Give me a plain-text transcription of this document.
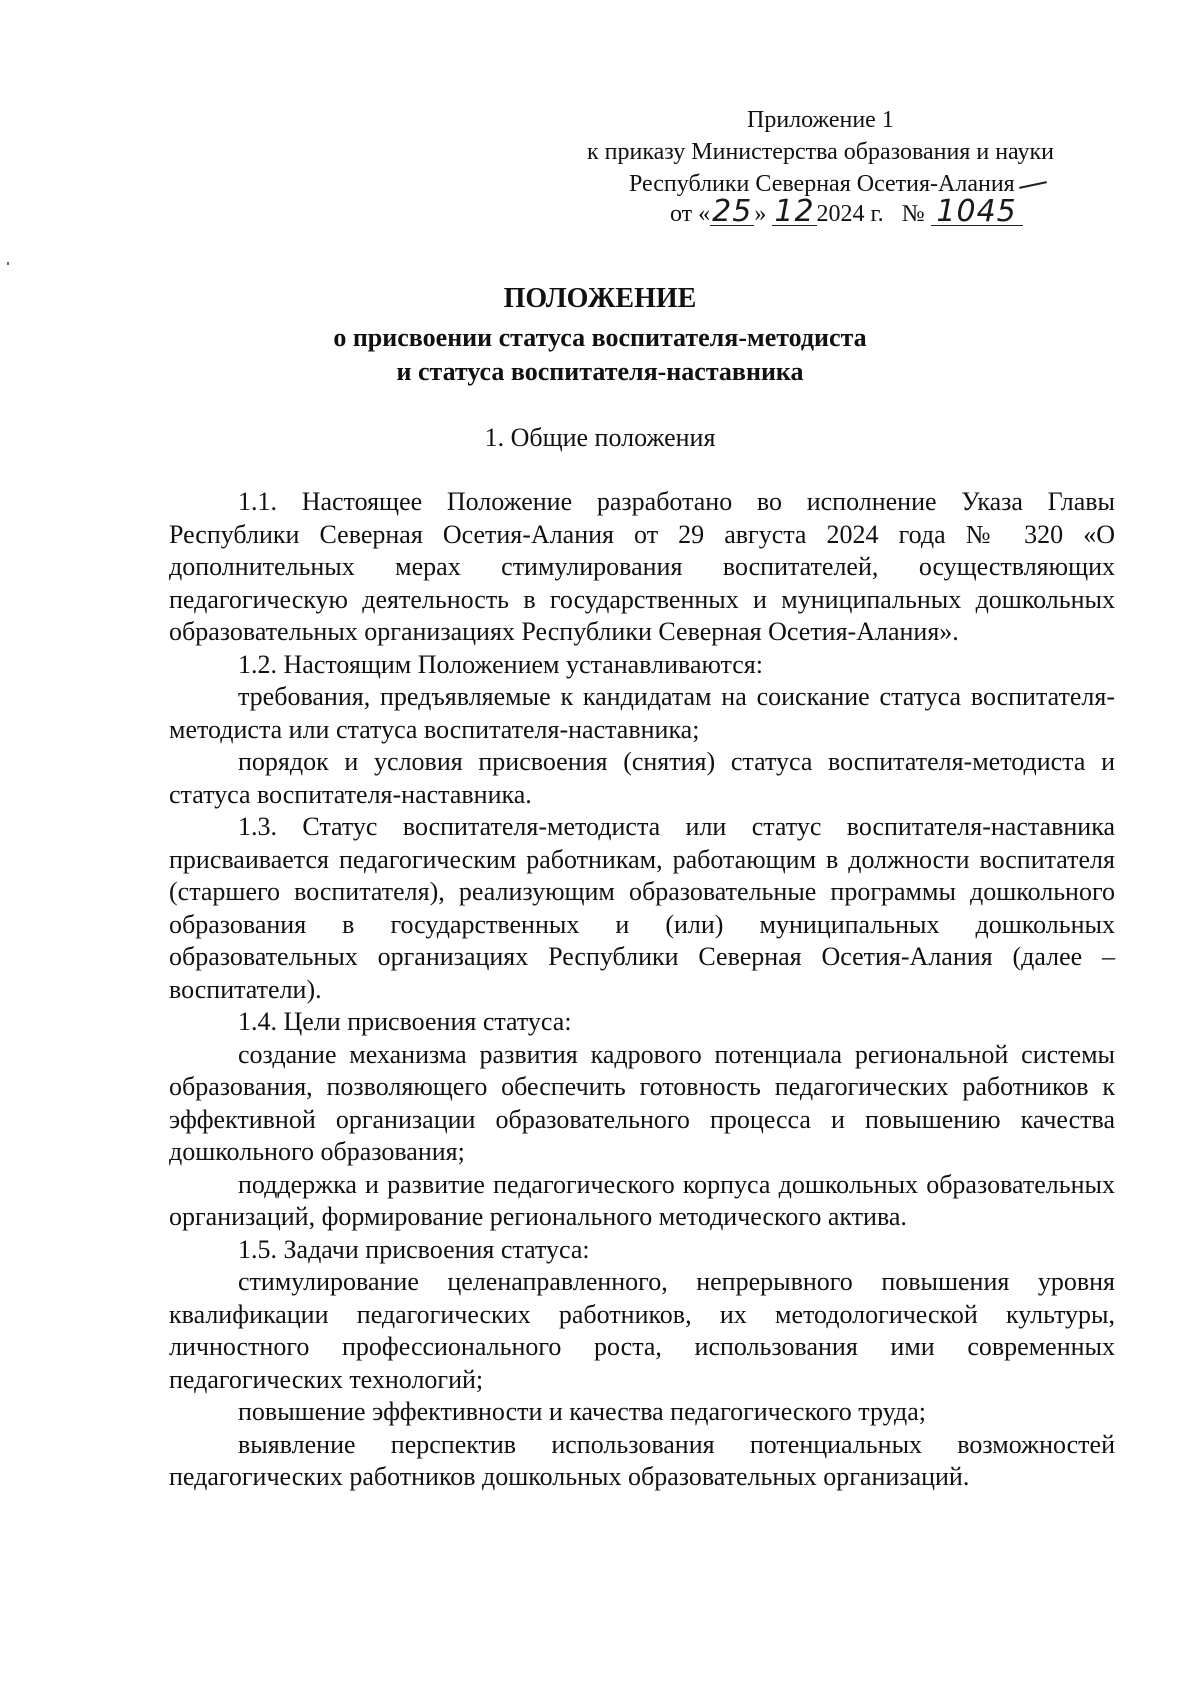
Приложение 1
к приказу Министерства образования и науки
Республики Северная Осетия-Алания
от «25» 122024 г. № 1045
ПОЛОЖЕНИЕ
о присвоении статуса воспитателя-методиста
и статуса воспитателя-наставника
1. Общие положения

1.1. Настоящее Положение разработано во исполнение Указа Главы Республики Северная Осетия-Алания от 29 августа 2024 года № 320 «О дополнительных мерах стимулирования воспитателей, осуществляющих педагогическую деятельность в государственных и муниципальных дошкольных образовательных организациях Республики Северная Осетия-Алания».

1.2. Настоящим Положением устанавливаются:

требования, предъявляемые к кандидатам на соискание статуса воспитателя-методиста или статуса воспитателя-наставника;

порядок и условия присвоения (снятия) статуса воспитателя-методиста и статуса воспитателя-наставника.

1.3. Статус воспитателя-методиста или статус воспитателя-наставника присваивается педагогическим работникам, работающим в должности воспитателя (старшего воспитателя), реализующим образовательные программы дошкольного образования в государственных и (или) муниципальных дошкольных образовательных организациях Республики Северная Осетия-Алания (далее – воспитатели).

1.4. Цели присвоения статуса:

создание механизма развития кадрового потенциала региональной системы образования, позволяющего обеспечить готовность педагогических работников к эффективной организации образовательного процесса и повышению качества дошкольного образования;

поддержка и развитие педагогического корпуса дошкольных образовательных организаций, формирование регионального методического актива.

1.5. Задачи присвоения статуса:

стимулирование целенаправленного, непрерывного повышения уровня квалификации педагогических работников, их методологической культуры, личностного профессионального роста, использования ими современных педагогических технологий;

повышение эффективности и качества педагогического труда;

выявление перспектив использования потенциальных возможностей педагогических работников дошкольных образовательных организаций.
